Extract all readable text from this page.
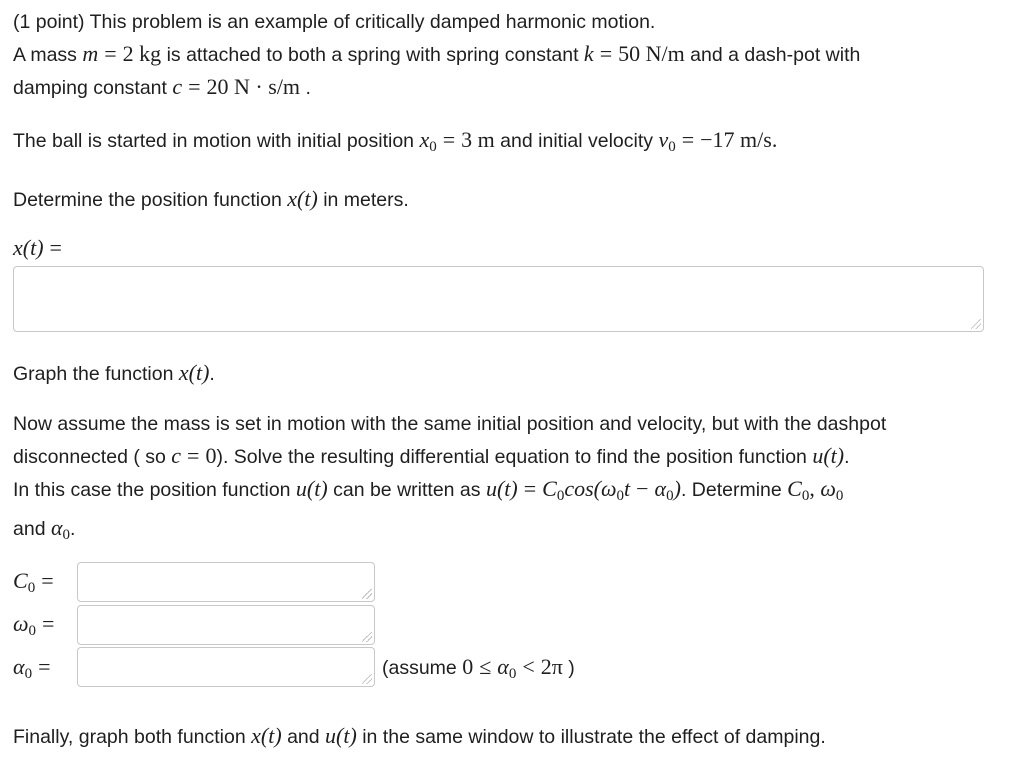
(1 point) This problem is an example of critically damped harmonic motion.

A mass m = 2 kg is attached to both a spring with spring constant k = 50 N/m and a dash-pot with

damping constant c = 20 N · s/m .

The ball is started in motion with initial position $x_0 = 3$ m and initial velocity $v_0 = -17$ m/s.

Determine the position function x(t) in meters.

x(t) =
Graph the function x(t).

Now assume the mass is set in motion with the same initial position and velocity, but with the dashpot

disconnected ( so c = 0). Solve the resulting differential equation to find the position function u(t).

In this case the position function u(t) can be written as $u(t) = C_0\cos(\omega_0t - \alpha_0)$. Determine $C_0$, $\omega_0$

and $\alpha_0$.

$C_0$ =
$\omega_0$ =
$\alpha_0$ =	(assume $0 \le \alpha_0 < 2\pi$ )
Finally, graph both function x(t) and u(t) in the same window to illustrate the effect of damping.
